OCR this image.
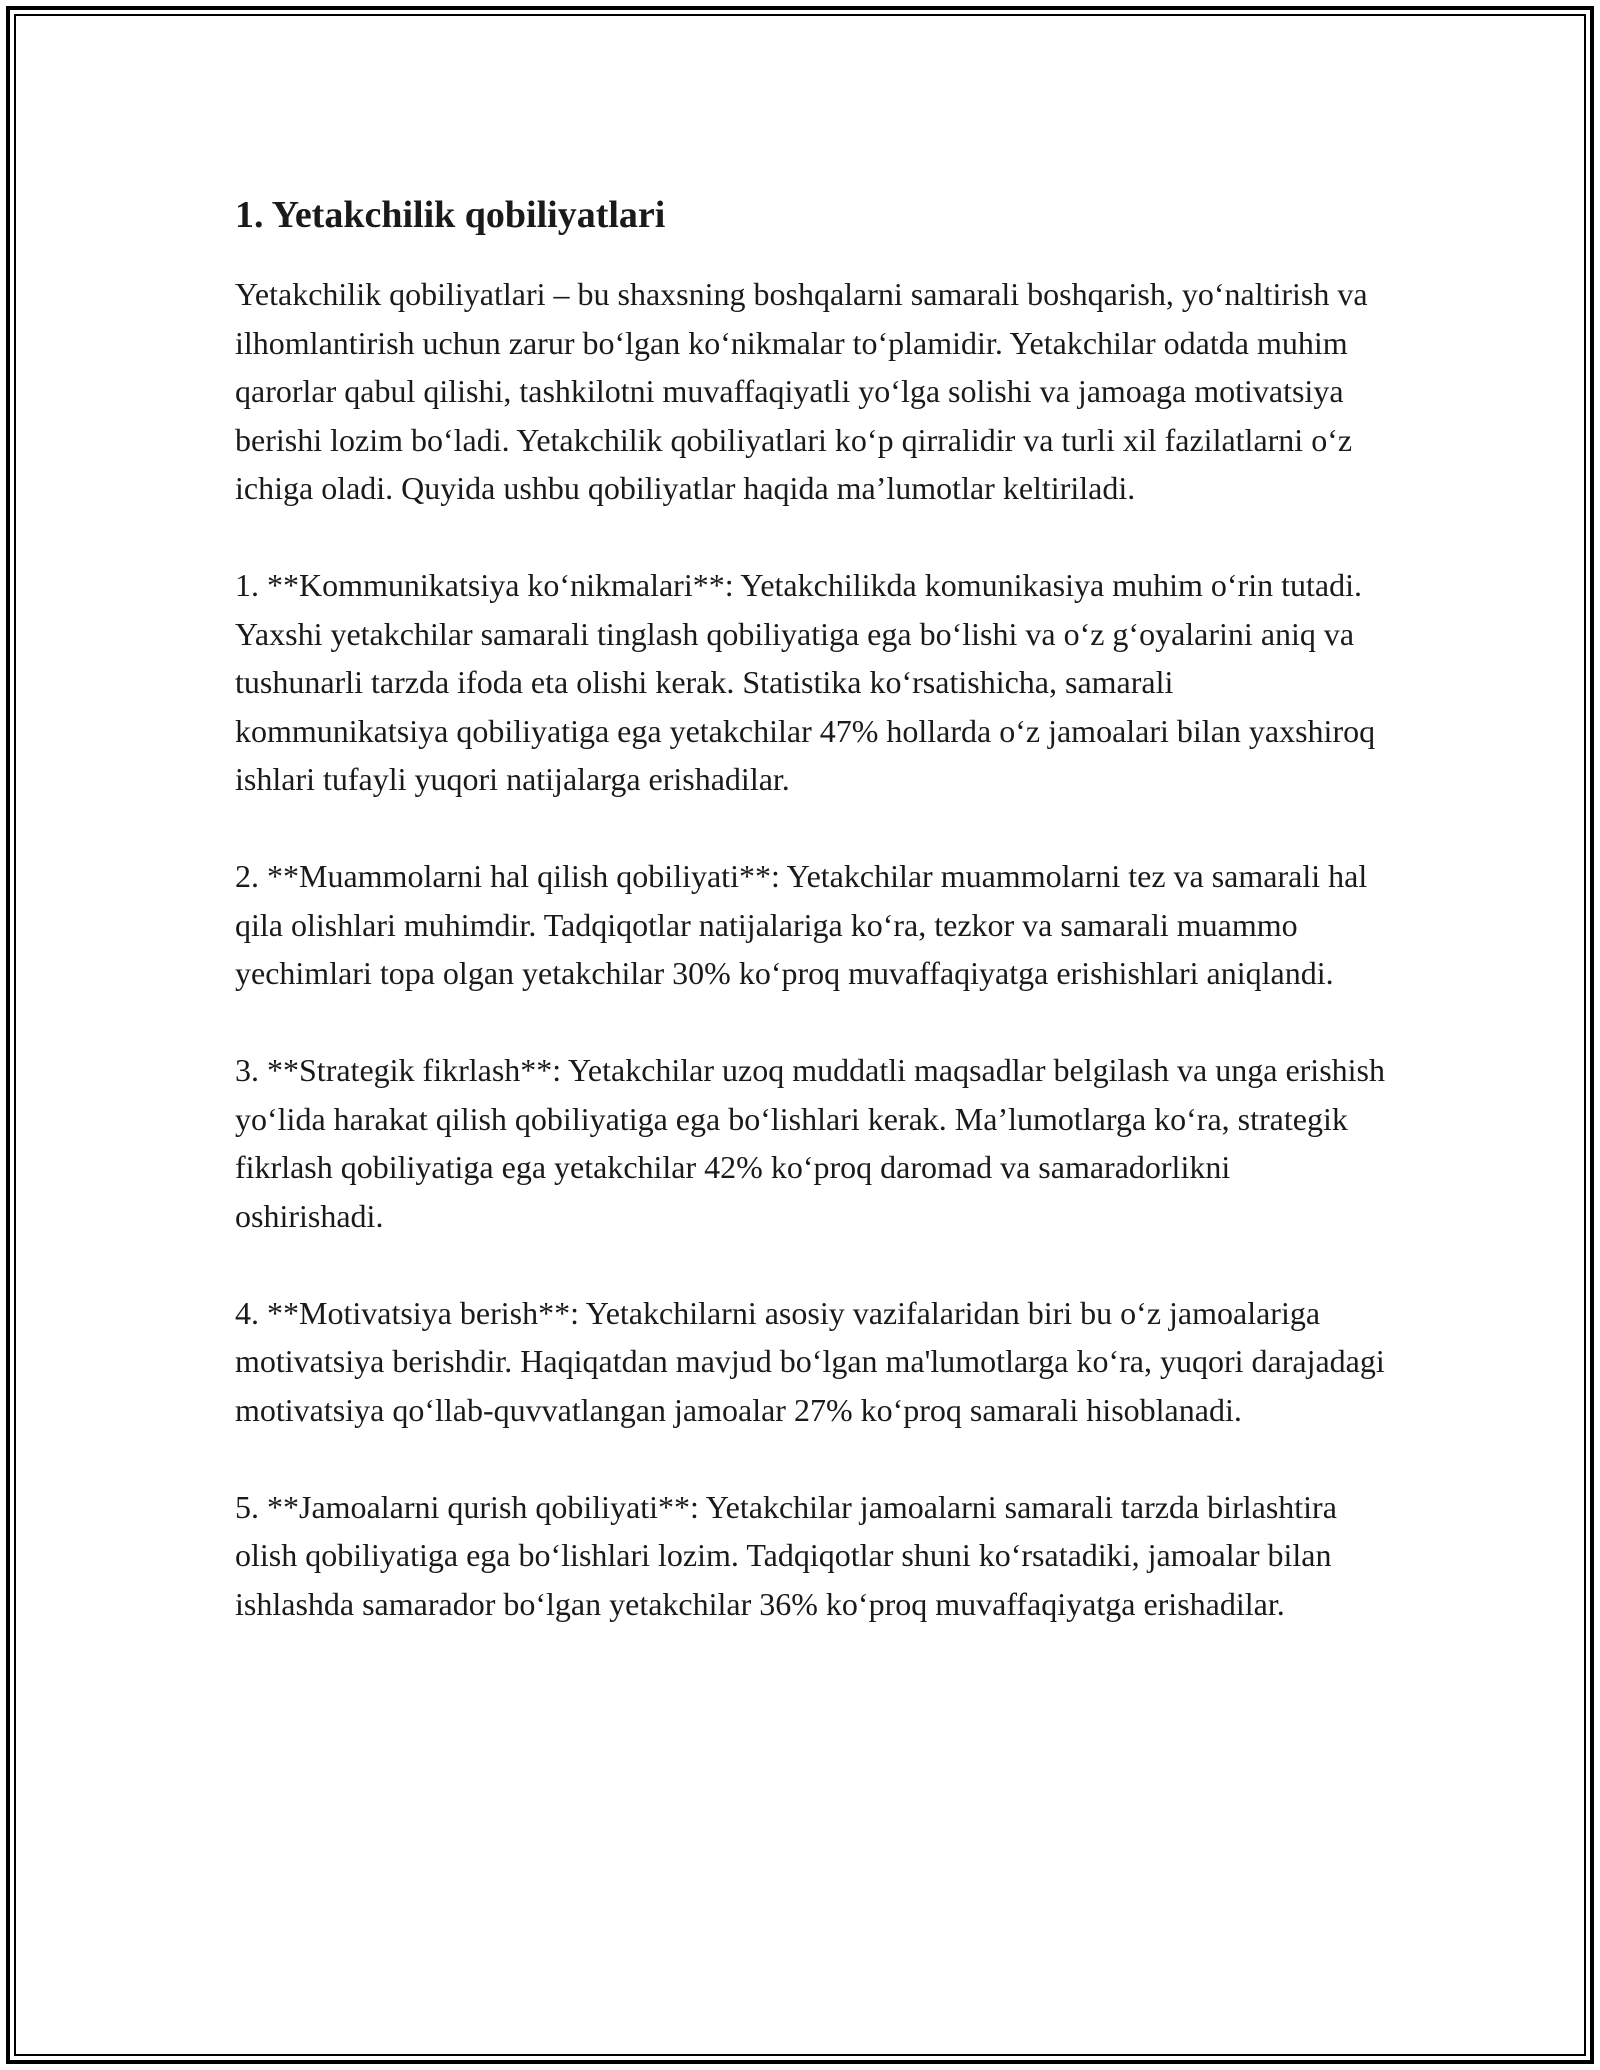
1. Yetakchilik qobiliyatlari

Yetakchilik qobiliyatlari – bu shaxsning boshqalarni samarali boshqarish, yoʻnaltirish va ilhomlantirish uchun zarur boʻlgan koʻnikmalar toʻplamidir. Yetakchilar odatda muhim qarorlar qabul qilishi, tashkilotni muvaffaqiyatli yoʻlga solishi va jamoaga motivatsiya berishi lozim boʻladi. Yetakchilik qobiliyatlari koʻp qirralidir va turli xil fazilatlarni oʻz ichiga oladi. Quyida ushbu qobiliyatlar haqida maʼlumotlar keltiriladi.

1. **Kommunikatsiya koʻnikmalari**: Yetakchilikda komunikasiya muhim oʻrin tutadi. Yaxshi yetakchilar samarali tinglash qobiliyatiga ega boʻlishi va oʻz gʻoyalarini aniq va tushunarli tarzda ifoda eta olishi kerak. Statistika koʻrsatishicha, samarali kommunikatsiya qobiliyatiga ega yetakchilar 47% hollarda oʻz jamoalari bilan yaxshiroq ishlari tufayli yuqori natijalarga erishadilar.

2. **Muammolarni hal qilish qobiliyati**: Yetakchilar muammolarni tez va samarali hal qila olishlari muhimdir. Tadqiqotlar natijalariga koʻra, tezkor va samarali muammo yechimlari topa olgan yetakchilar 30% koʻproq muvaffaqiyatga erishishlari aniqlandi.

3. **Strategik fikrlash**: Yetakchilar uzoq muddatli maqsadlar belgilash va unga erishish yoʻlida harakat qilish qobiliyatiga ega boʻlishlari kerak. Maʼlumotlarga koʻra, strategik fikrlash qobiliyatiga ega yetakchilar 42% koʻproq daromad va samaradorlikni oshirishadi.

4. **Motivatsiya berish**: Yetakchilarni asosiy vazifalaridan biri bu oʻz jamoalariga motivatsiya berishdir. Haqiqatdan mavjud boʻlgan ma'lumotlarga koʻra, yuqori darajadagi motivatsiya qoʻllab-quvvatlangan jamoalar 27% koʻproq samarali hisoblanadi.

5. **Jamoalarni qurish qobiliyati**: Yetakchilar jamoalarni samarali tarzda birlashtira olish qobiliyatiga ega boʻlishlari lozim. Tadqiqotlar shuni koʻrsatadiki, jamoalar bilan ishlashda samarador boʻlgan yetakchilar 36% koʻproq muvaffaqiyatga erishadilar.
